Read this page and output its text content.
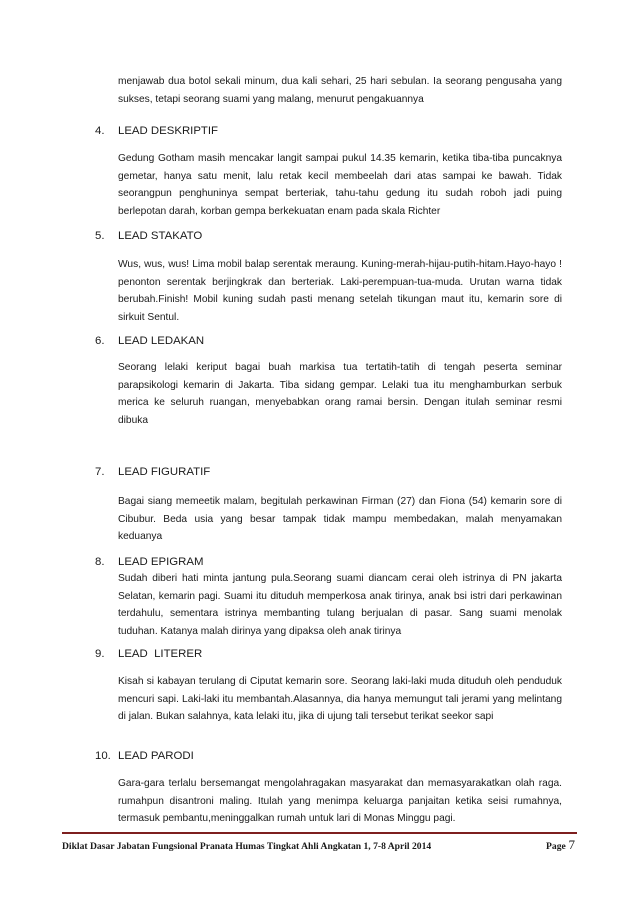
menjawab dua botol sekali minum, dua kali sehari, 25 hari sebulan. Ia seorang pengusaha yang sukses, tetapi seorang suami yang malang, menurut pengakuannya

4. LEAD DESKRIPTIF

Gedung Gotham masih mencakar langit sampai pukul 14.35 kemarin, ketika tiba-tiba puncaknya gemetar, hanya satu menit, lalu retak kecil membeelah dari atas sampai ke bawah. Tidak seorangpun penghuninya sempat berteriak, tahu-tahu gedung itu sudah roboh jadi puing berlepotan darah, korban gempa berkekuatan enam pada skala Richter

5. LEAD STAKATO

Wus, wus, wus! Lima mobil balap serentak meraung. Kuning-merah-hijau-putih-hitam.Hayo-hayo ! penonton serentak berjingkrak dan berteriak. Laki-perempuan-tua-muda. Urutan warna tidak berubah.Finish! Mobil kuning sudah pasti menang setelah tikungan maut itu, kemarin sore di sirkuit Sentul.

6. LEAD LEDAKAN

Seorang lelaki keriput bagai buah markisa tua tertatih-tatih di tengah peserta seminar parapsikologi kemarin di Jakarta. Tiba sidang gempar. Lelaki tua itu menghamburkan serbuk merica ke seluruh ruangan, menyebabkan orang ramai bersin. Dengan itulah seminar resmi dibuka

7. LEAD FIGURATIF

Bagai siang memeetik malam, begitulah perkawinan Firman (27) dan Fiona (54) kemarin sore di Cibubur. Beda usia yang besar tampak tidak mampu membedakan, malah menyamakan keduanya

8. LEAD EPIGRAM

Sudah diberi hati minta jantung pula.Seorang suami diancam cerai oleh istrinya di PN jakarta Selatan, kemarin pagi. Suami itu dituduh memperkosa anak tirinya, anak bsi istri dari perkawinan terdahulu, sementara istrinya membanting tulang berjualan di pasar. Sang suami menolak tuduhan. Katanya malah dirinya yang dipaksa oleh anak tirinya

9. LEAD  LITERER

Kisah si kabayan terulang di Ciputat kemarin sore. Seorang laki-laki muda dituduh oleh penduduk mencuri sapi. Laki-laki itu membantah.Alasannya, dia hanya memungut tali jerami yang melintang di jalan. Bukan salahnya, kata lelaki itu, jika di ujung tali tersebut terikat seekor sapi

10. LEAD PARODI

Gara-gara terlalu bersemangat mengolahragakan masyarakat dan memasyarakatkan olah raga. rumahpun disantroni maling. Itulah yang menimpa keluarga panjaitan ketika seisi rumahnya, termasuk pembantu,meninggalkan rumah untuk lari di Monas Minggu pagi.

Diklat Dasar Jabatan Fungsional Pranata Humas Tingkat Ahli Angkatan 1, 7-8 April 2014	Page 7
